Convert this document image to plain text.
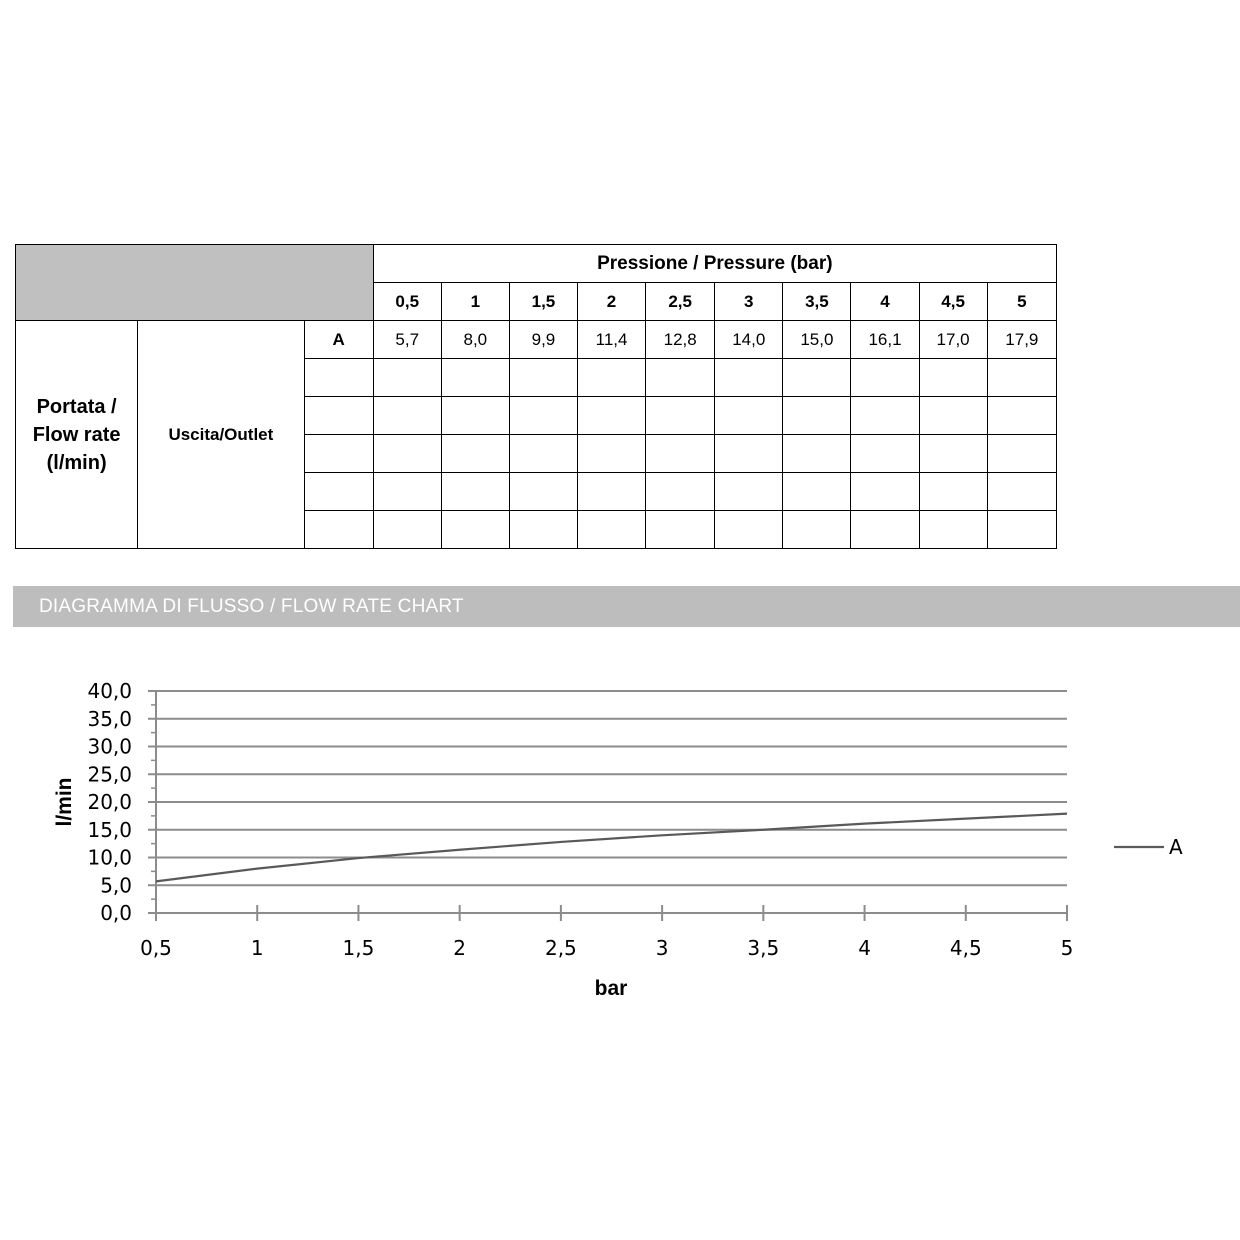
			Pressione / Pressure (bar)									
			0,5	1	1,5	2	2,5	3	3,5	4	4,5	5
Portata /
Flow rate
(l/min)	Uscita/Outlet	A	5,7	8,0	9,9	11,4	12,8	14,0	15,0	16,1	17,0	17,9

DIAGRAMMA DI FLUSSO / FLOW RATE CHART
0,0
5,0
10,0
15,0
20,0
25,0
30,0
35,0
40,0
0,5	1	1,5	2	2,5	3	3,5	4	4,5	5
l/min
bar
A
